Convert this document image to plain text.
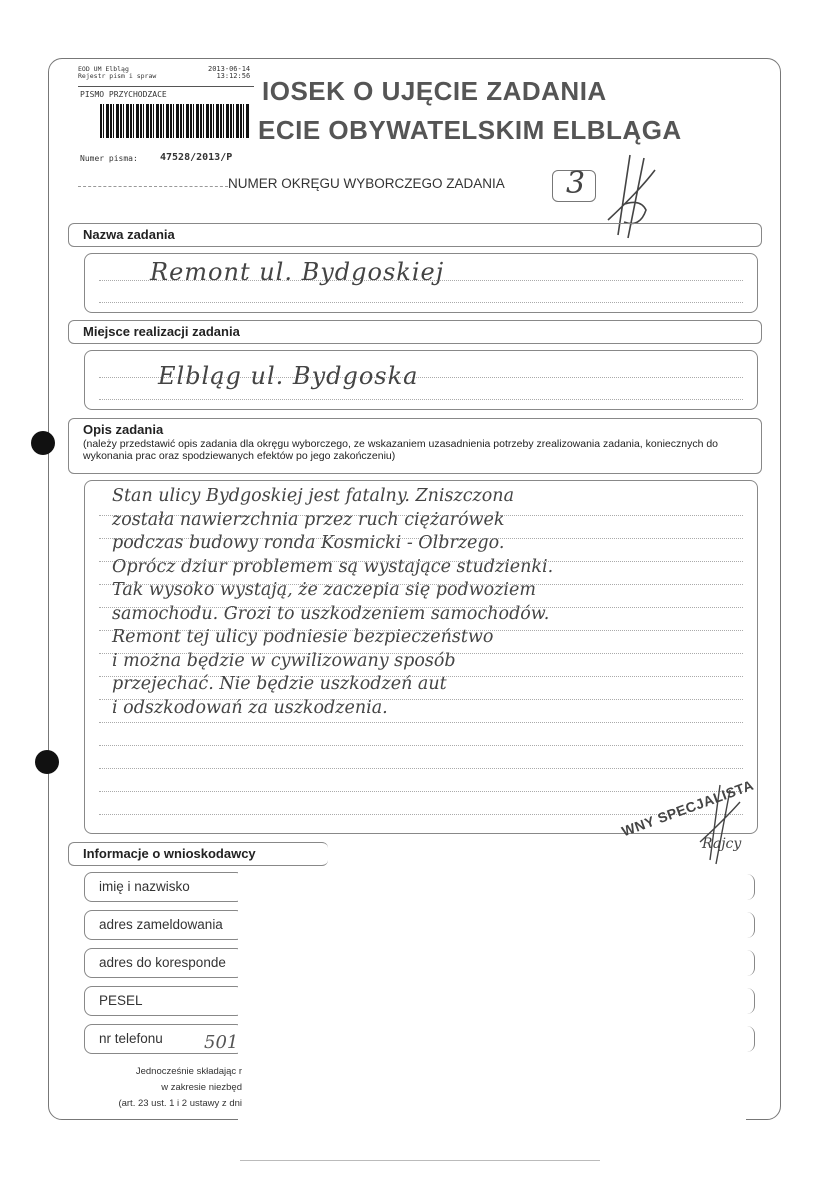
EOD UM Elbląg
Rejestr pism i spraw
2013-06-14
13:12:56
PISMO PRZYCHODZACE
Numer pisma: 47528/2013/P
IOSEK O UJĘCIE ZADANIA
ECIE OBYWATELSKIM ELBLĄGA
NUMER OKRĘGU WYBORCZEGO ZADANIA 3
Nazwa zadania
Remont ul. Bydgoskiej
Miejsce realizacji zadania
Elbląg ul. Bydgoska
Opis zadania
(należy przedstawić opis zadania dla okręgu wyborczego, ze wskazaniem uzasadnienia potrzeby zrealizowania zadania, koniecznych do wykonania prac oraz spodziewanych efektów po jego zakończeniu)
Stan ulicy Bydgoskiej jest fatalny. Zniszczona
została nawierzchnia przez ruch ciężarówek
podczas budowy ronda Kosmicki - Olbrzego.
Oprócz dziur problemem są wystające studzienki.
Tak wysoko wystają, że zaczepia się podwoziem
samochodu. Grozi to uszkodzeniem samochodów.
Remont tej ulicy podniesie bezpieczeństwo
i można będzie w cywilizowany sposób
przejechać. Nie będzie uszkodzeń aut
i odszkodowań za uszkodzenia.
WNY SPECJALISTA
Rajcy
Informacje o wnioskodawcy
imię i nazwisko
adres zameldowania
adres do koresponde
PESEL
nr telefonu	501
Jednocześnie składając r
w zakresie niezbęd
(art. 23 ust. 1 i 2 ustawy z dni
